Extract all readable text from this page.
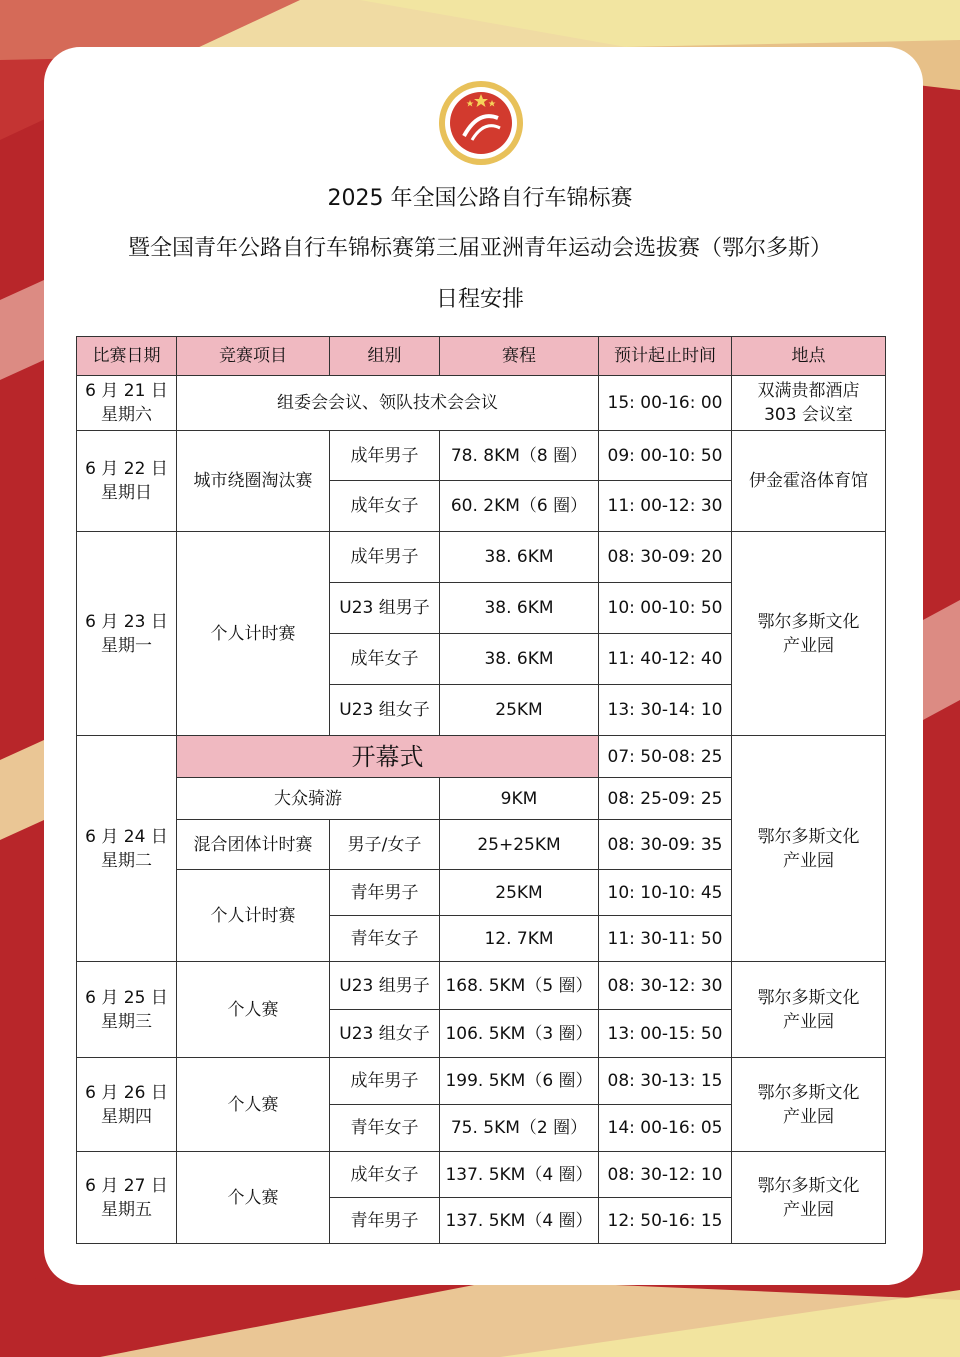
2025 年全国公路自行车锦标赛
暨全国青年公路自行车锦标赛第三届亚洲青年运动会选拔赛（鄂尔多斯）
日程安排
比赛日期	竞赛项目	组别	赛程	预计起止时间	地点
6 月 21 日
星期六	组委会会议、领队技术会会议			15: 00-16: 00	双满贵都酒店
303 会议室
6 月 22 日
星期日	城市绕圈淘汰赛	成年男子	78. 8KM（8 圈）	09: 00-10: 50	伊金霍洛体育馆
		成年女子	60. 2KM（6 圈）	11: 00-12: 30	
6 月 23 日
星期一	个人计时赛	成年男子	38. 6KM	08: 30-09: 20	鄂尔多斯文化
产业园
		U23 组男子	38. 6KM	10: 00-10: 50	
		成年女子	38. 6KM	11: 40-12: 40	
		U23 组女子	25KM	13: 30-14: 10	
6 月 24 日
星期二	开幕式			07: 50-08: 25	鄂尔多斯文化
产业园
	大众骑游		9KM	08: 25-09: 25	
	混合团体计时赛	男子/女子	25+25KM	08: 30-09: 35	
	个人计时赛	青年男子	25KM	10: 10-10: 45	
		青年女子	12. 7KM	11: 30-11: 50	
6 月 25 日
星期三	个人赛	U23 组男子	168. 5KM（5 圈）	08: 30-12: 30	鄂尔多斯文化
产业园
		U23 组女子	106. 5KM（3 圈）	13: 00-15: 50	
6 月 26 日
星期四	个人赛	成年男子	199. 5KM（6 圈）	08: 30-13: 15	鄂尔多斯文化
产业园
		青年女子	75. 5KM（2 圈）	14: 00-16: 05	
6 月 27 日
星期五	个人赛	成年女子	137. 5KM（4 圈）	08: 30-12: 10	鄂尔多斯文化
产业园
		青年男子	137. 5KM（4 圈）	12: 50-16: 15	
